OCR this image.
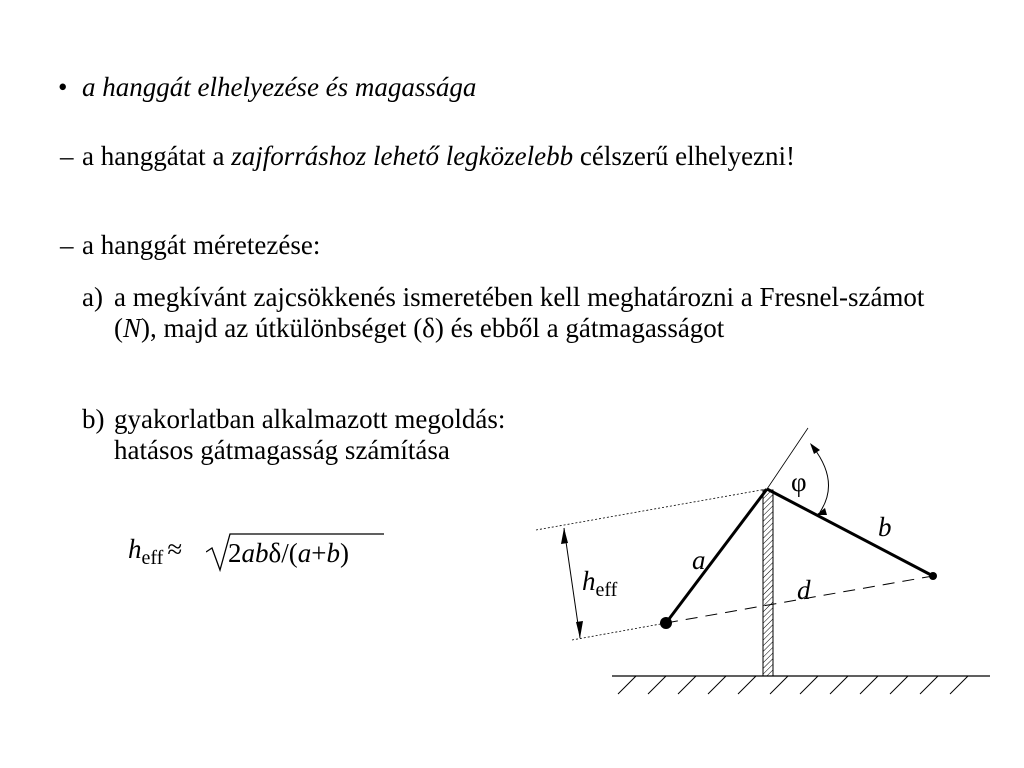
• a hanggát elhelyezése és magassága
– a hanggátat a zajforráshoz lehető legközelebb célszerű elhelyezni!
– a hanggát méretezése:
a) a megkívánt zajcsökkenés ismeretében kell meghatározni a Fresnel-számot (N), majd az útkülönbséget (δ) és ebből a gátmagasságot
b) gyakorlatban alkalmazott megoldás:
hatásos gátmagasság számítása
$h_{eff} \approx 2ab\delta/(a+b)$
φ
b
a
d
$h_{eff}$
